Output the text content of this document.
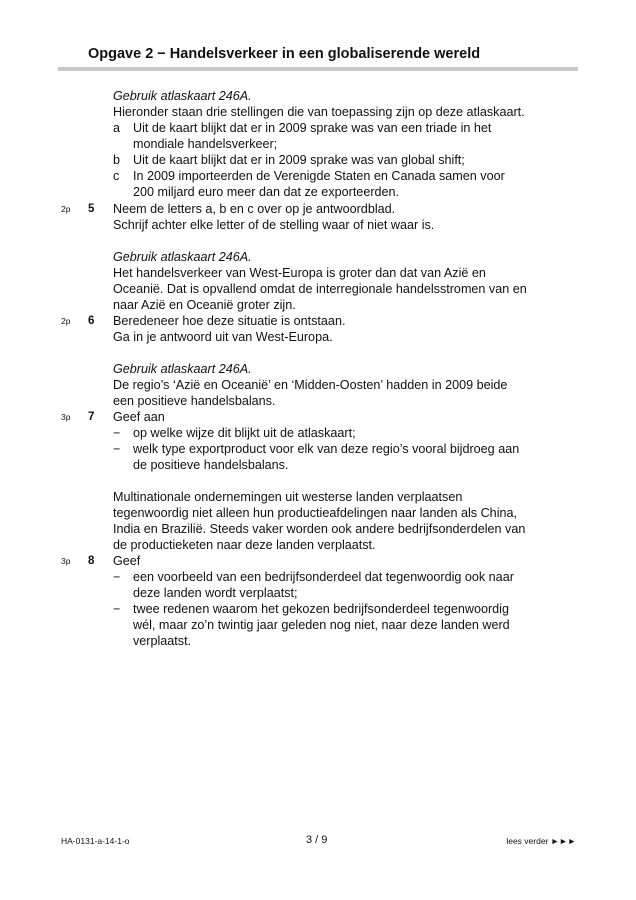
Opgave 2 − Handelsverkeer in een globaliserende wereld
Gebruik atlaskaart 246A.
Hieronder staan drie stellingen die van toepassing zijn op deze atlaskaart.
a Uit de kaart blijkt dat er in 2009 sprake was van een triade in het
mondiale handelsverkeer;
b Uit de kaart blijkt dat er in 2009 sprake was van global shift;
c In 2009 importeerden de Verenigde Staten en Canada samen voor
200 miljard euro meer dan dat ze exporteerden.
2p 5 Neem de letters a, b en c over op je antwoordblad.
Schrijf achter elke letter of de stelling waar of niet waar is.
Gebruik atlaskaart 246A.
Het handelsverkeer van West-Europa is groter dan dat van Azië en
Oceanië. Dat is opvallend omdat de interregionale handelsstromen van en
naar Azië en Oceanië groter zijn.
2p 6 Beredeneer hoe deze situatie is ontstaan.
Ga in je antwoord uit van West-Europa.
Gebruik atlaskaart 246A.
De regio’s ‘Azië en Oceanië’ en ‘Midden-Oosten’ hadden in 2009 beide
een positieve handelsbalans.
3p 7 Geef aan
− op welke wijze dit blijkt uit de atlaskaart;
− welk type exportproduct voor elk van deze regio’s vooral bijdroeg aan
de positieve handelsbalans.
Multinationale ondernemingen uit westerse landen verplaatsen
tegenwoordig niet alleen hun productieafdelingen naar landen als China,
India en Brazilië. Steeds vaker worden ook andere bedrijfsonderdelen van
de productieketen naar deze landen verplaatst.
3p 8 Geef
− een voorbeeld van een bedrijfsonderdeel dat tegenwoordig ook naar
deze landen wordt verplaatst;
− twee redenen waarom het gekozen bedrijfsonderdeel tegenwoordig
wél, maar zo’n twintig jaar geleden nog niet, naar deze landen werd
verplaatst.
HA-0131-a-14-1-o	3 / 9	lees verder ►►►
